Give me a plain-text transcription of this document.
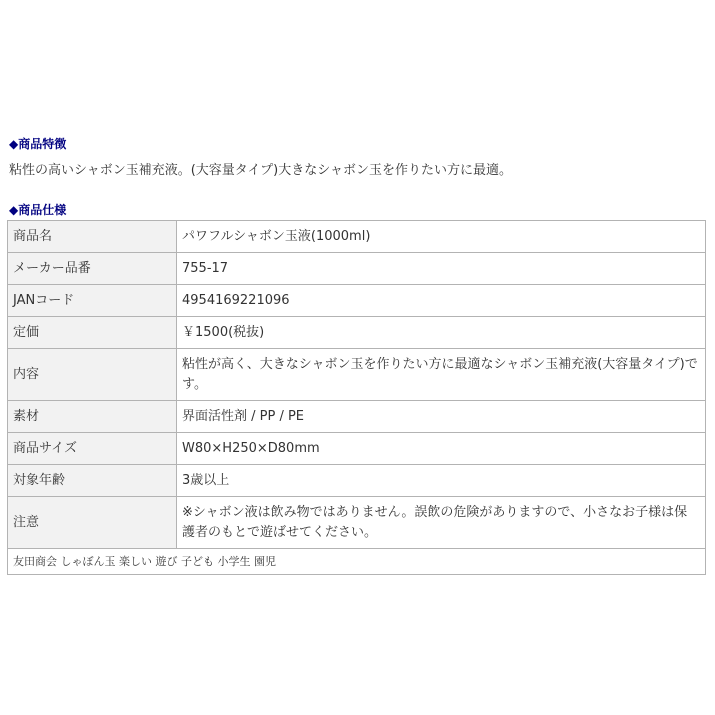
◆商品特徴

粘性の高いシャボン玉補充液。(大容量タイプ)大きなシャボン玉を作りたい方に最適。

◆商品仕様
商品名	パワフルシャボン玉液(1000ml)
メーカー品番	755-17
JANコード	4954169221096
定価	￥1500(税抜)
内容	粘性が高く、大きなシャボン玉を作りたい方に最適なシャボン玉補充液(大容量タイプ)です。
素材	界面活性剤 / PP / PE
商品サイズ	W80×H250×D80mm
対象年齢	3歳以上
注意	※シャボン液は飲み物ではありません。誤飲の危険がありますので、小さなお子様は保護者のもとで遊ばせてください。
友田商会 しゃぼん玉 楽しい 遊び 子ども 小学生 園児	
